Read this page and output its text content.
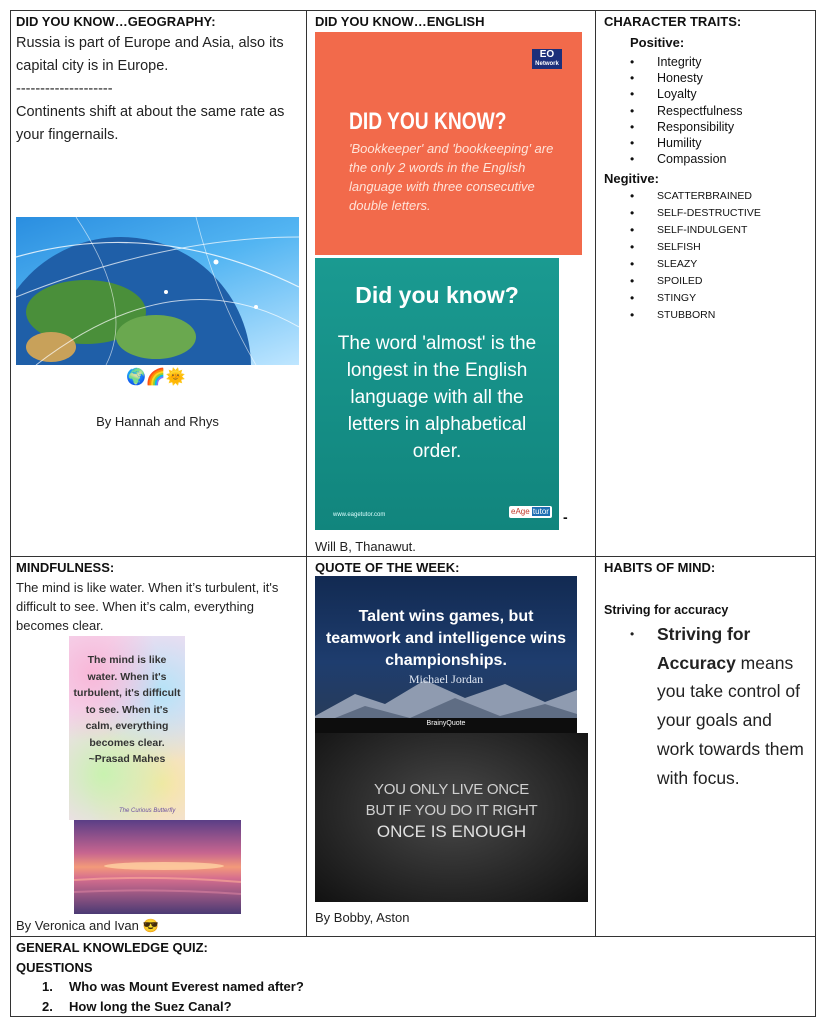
DID YOU KNOW…GEOGRAPHY:
Russia is part of Europe and Asia, also its capital city is in Europe.
--------------------
Continents shift at about the same rate as your fingernails.
🌍🌈🌞
By Hannah and Rhys
DID YOU KNOW…ENGLISH
EO
Network
DID YOU KNOW?
'Bookkeeper' and 'bookkeeping' are the only 2 words in the English language with three consecutive double letters.
Did you know?
The word 'almost' is the longest in the English language with all the letters in alphabetical order.
www.eagetutor.com	eAge tutor -
Will B, Thanawut.
CHARACTER TRAITS:
Positive:
• Integrity
• Honesty
• Loyalty
• Respectfulness
• Responsibility
• Humility
• Compassion
Negitive:
• SCATTERBRAINED
• SELF-DESTRUCTIVE
• SELF-INDULGENT
• SELFISH
• SLEAZY
• SPOILED
• STINGY
• STUBBORN
MINDFULNESS:
The mind is like water. When it’s turbulent, it's difficult to see. When it’s calm, everything becomes clear.
The mind is like water. When it's turbulent, it's difficult to see. When it's calm, everything becomes clear. ~Prasad Mahes
The Curious Butterfly
By Veronica and Ivan 😎
QUOTE OF THE WEEK:
Talent wins games, but teamwork and intelligence wins championships.
Michael Jordan
BrainyQuote
YOU ONLY LIVE ONCE
BUT IF YOU DO IT RIGHT
ONCE IS ENOUGH
By Bobby, Aston
HABITS OF MIND:
Striving for accuracy
•	Striving for Accuracy means you take control of your goals and work towards them with focus.
GENERAL KNOWLEDGE QUIZ:
QUESTIONS
1. Who was Mount Everest named after?
2. How long the Suez Canal?
